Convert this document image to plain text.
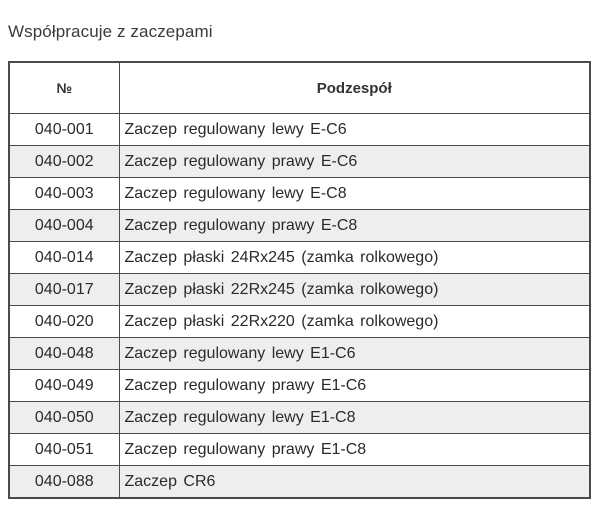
Współpracuje z zaczepami
№	Podzespół
040-001	Zaczep regulowany lewy E-C6
040-002	Zaczep regulowany prawy E-C6
040-003	Zaczep regulowany lewy E-C8
040-004	Zaczep regulowany prawy E-C8
040-014	Zaczep płaski 24Rx245 (zamka rolkowego)
040-017	Zaczep płaski 22Rx245 (zamka rolkowego)
040-020	Zaczep płaski 22Rx220 (zamka rolkowego)
040-048	Zaczep regulowany lewy E1-C6
040-049	Zaczep regulowany prawy E1-C6
040-050	Zaczep regulowany lewy E1-C8
040-051	Zaczep regulowany prawy E1-C8
040-088	Zaczep CR6
